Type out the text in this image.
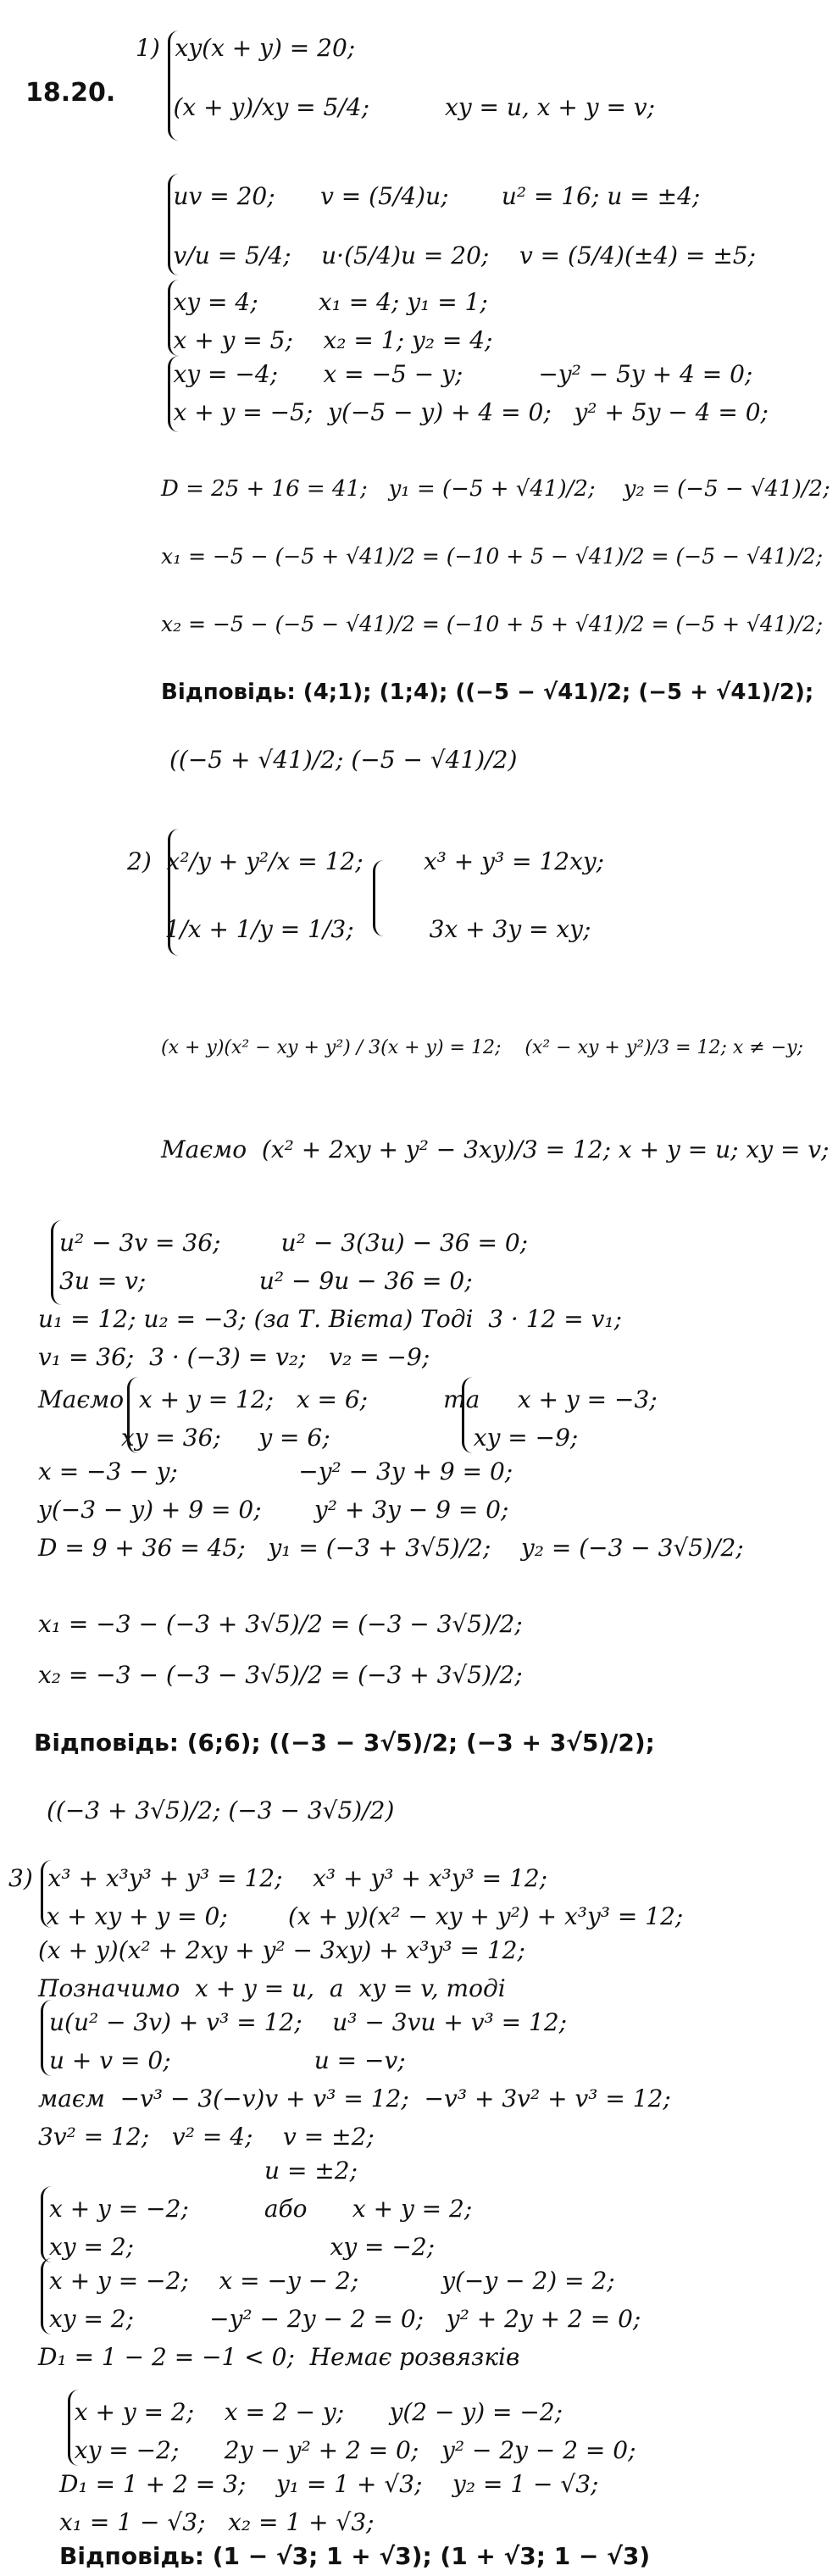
18.20.
1)  xy(x + y) = 20;
(x + y)/xy = 5/4;          xy = u, x + y = v;
uv = 20;      v = (5/4)u;       u² = 16; u = ±4;
v/u = 5/4;    u·(5/4)u = 20;    v = (5/4)(±4) = ±5;
xy = 4;        x₁ = 4; y₁ = 1;
x + y = 5;    x₂ = 1; y₂ = 4;
xy = −4;      x = −5 − y;          −y² − 5y + 4 = 0;
x + y = −5;  y(−5 − y) + 4 = 0;   y² + 5y − 4 = 0;
D = 25 + 16 = 41;   y₁ = (−5 + √41)/2;    y₂ = (−5 − √41)/2;
x₁ = −5 − (−5 + √41)/2 = (−10 + 5 − √41)/2 = (−5 − √41)/2;
x₂ = −5 − (−5 − √41)/2 = (−10 + 5 + √41)/2 = (−5 + √41)/2;
Відповідь: (4;1); (1;4); ((−5 − √41)/2; (−5 + √41)/2);
((−5 + √41)/2; (−5 − √41)/2)
2)  x²/y + y²/x = 12;        x³ + y³ = 12xy;
1/x + 1/y = 1/3;          3x + 3y = xy;
(x + y)(x² − xy + y²) / 3(x + y) = 12;    (x² − xy + y²)/3 = 12; x ≠ −y;
Маємо  (x² + 2xy + y² − 3xy)/3 = 12; x + y = u; xy = v;
u² − 3v = 36;        u² − 3(3u) − 36 = 0;
3u = v;               u² − 9u − 36 = 0;
u₁ = 12; u₂ = −3; (за Т. Вієта) Тоді  3 · 12 = v₁;
v₁ = 36;  3 · (−3) = v₂;   v₂ = −9;
Маємо  x + y = 12;   x = 6;          та     x + y = −3;
xy = 36;     y = 6;                   xy = −9;
x = −3 − y;                −y² − 3y + 9 = 0;
y(−3 − y) + 9 = 0;       y² + 3y − 9 = 0;
D = 9 + 36 = 45;   y₁ = (−3 + 3√5)/2;    y₂ = (−3 − 3√5)/2;
x₁ = −3 − (−3 + 3√5)/2 = (−3 − 3√5)/2;
x₂ = −3 − (−3 − 3√5)/2 = (−3 + 3√5)/2;
Відповідь: (6;6); ((−3 − 3√5)/2; (−3 + 3√5)/2);
((−3 + 3√5)/2; (−3 − 3√5)/2)
3)  x³ + x³y³ + y³ = 12;    x³ + y³ + x³y³ = 12;
x + xy + y = 0;        (x + y)(x² − xy + y²) + x³y³ = 12;
(x + y)(x² + 2xy + y² − 3xy) + x³y³ = 12;
Позначимо  x + y = u,  а  xy = v, тоді
u(u² − 3v) + v³ = 12;    u³ − 3vu + v³ = 12;
u + v = 0;                   u = −v;
маєм  −v³ − 3(−v)v + v³ = 12;  −v³ + 3v² + v³ = 12;
3v² = 12;   v² = 4;    v = ±2;
u = ±2;
x + y = −2;          або      x + y = 2;
xy = 2;                          xy = −2;
x + y = −2;    x = −y − 2;           y(−y − 2) = 2;
xy = 2;          −y² − 2y − 2 = 0;   y² + 2y + 2 = 0;
D₁ = 1 − 2 = −1 < 0;  Немає розвязків
x + y = 2;    x = 2 − y;      y(2 − y) = −2;
xy = −2;      2y − y² + 2 = 0;   y² − 2y − 2 = 0;
D₁ = 1 + 2 = 3;    y₁ = 1 + √3;    y₂ = 1 − √3;
x₁ = 1 − √3;   x₂ = 1 + √3;
Відповідь: (1 − √3; 1 + √3); (1 + √3; 1 − √3)
